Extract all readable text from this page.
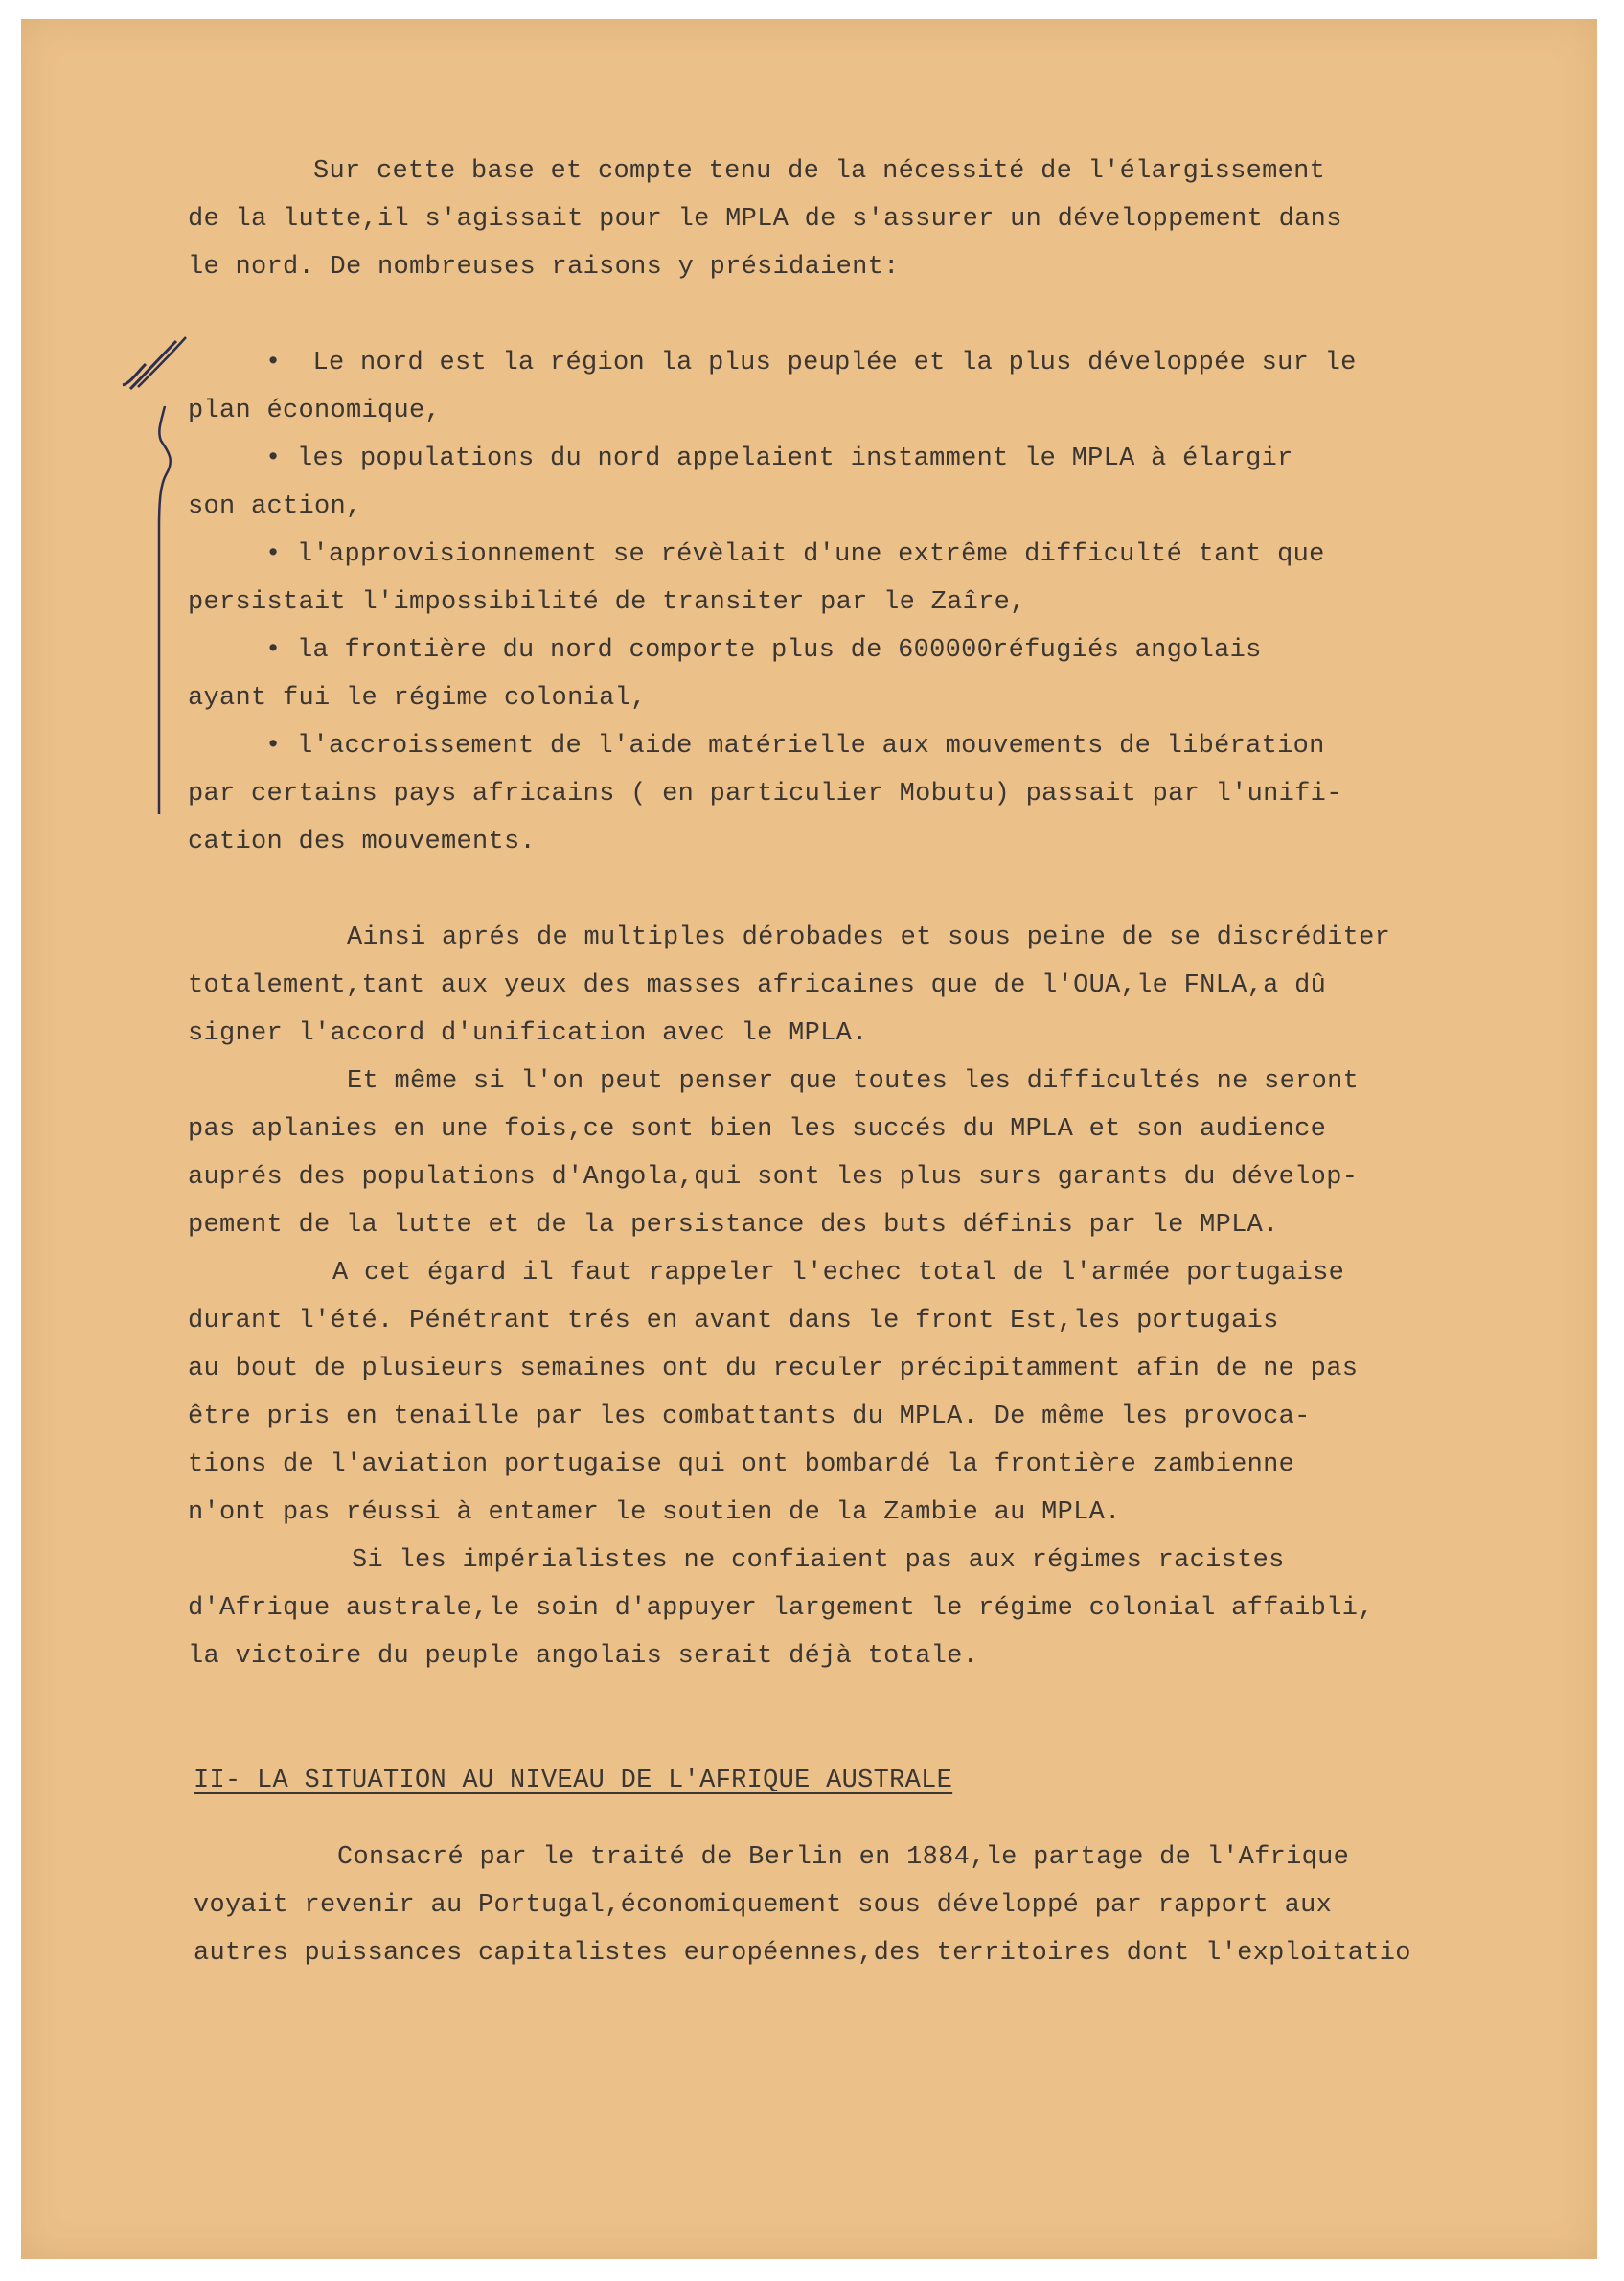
Sur cette base et compte tenu de la nécessité de l'élargissement
de la lutte,il s'agissait pour le MPLA de s'assurer un développement dans
le nord. De nombreuses raisons y présidaient:
•  Le nord est la région la plus peuplée et la plus développée sur le
plan économique,
• les populations du nord appelaient instamment le MPLA à élargir
son action,
• l'approvisionnement se révèlait d'une extrême difficulté tant que
persistait l'impossibilité de transiter par le Zaîre,
• la frontière du nord comporte plus de 600000réfugiés angolais
ayant fui le régime colonial,
• l'accroissement de l'aide matérielle aux mouvements de libération
par certains pays africains ( en particulier Mobutu) passait par l'unifi-
cation des mouvements.
Ainsi aprés de multiples dérobades et sous peine de se discréditer
totalement,tant aux yeux des masses africaines que de l'OUA,le FNLA,a dû
signer l'accord d'unification avec le MPLA.
Et même si l'on peut penser que toutes les difficultés ne seront
pas aplanies en une fois,ce sont bien les succés du MPLA et son audience
auprés des populations d'Angola,qui sont les plus surs garants du dévelop-
pement de la lutte et de la persistance des buts définis par le MPLA.
A cet égard il faut rappeler l'echec total de l'armée portugaise
durant l'été. Pénétrant trés en avant dans le front Est,les portugais
au bout de plusieurs semaines ont du reculer précipitamment afin de ne pas
être pris en tenaille par les combattants du MPLA. De même les provoca-
tions de l'aviation portugaise qui ont bombardé la frontière zambienne
n'ont pas réussi à entamer le soutien de la Zambie au MPLA.
Si les impérialistes ne confiaient pas aux régimes racistes
d'Afrique australe,le soin d'appuyer largement le régime colonial affaibli,
la victoire du peuple angolais serait déjà totale.
II- LA SITUATION AU NIVEAU DE L'AFRIQUE AUSTRALE
Consacré par le traité de Berlin en 1884,le partage de l'Afrique
voyait revenir au Portugal,économiquement sous développé par rapport aux
autres puissances capitalistes européennes,des territoires dont l'exploitatio
